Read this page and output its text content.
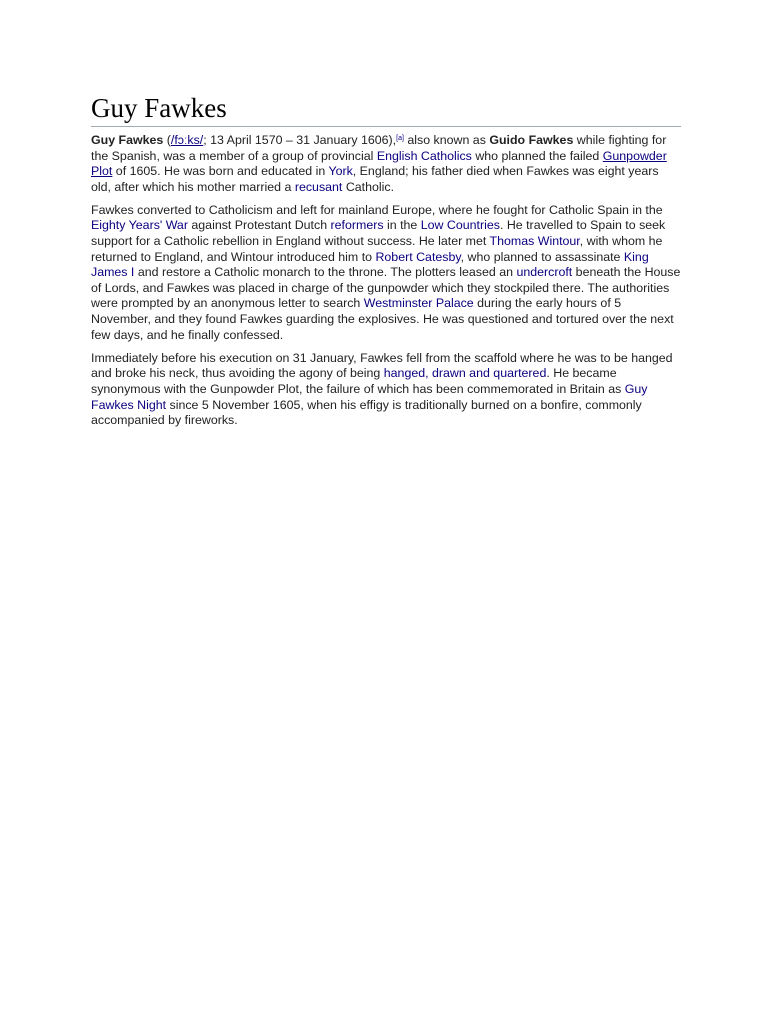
Guy Fawkes

Guy Fawkes (/fɔːks/; 13 April 1570 – 31 January 1606),[a] also known as Guido Fawkes while fighting for the Spanish, was a member of a group of provincial English Catholics who planned the failed Gunpowder Plot of 1605. He was born and educated in York, England; his father died when Fawkes was eight years old, after which his mother married a recusant Catholic.

Fawkes converted to Catholicism and left for mainland Europe, where he fought for Catholic Spain in the Eighty Years' War against Protestant Dutch reformers in the Low Countries. He travelled to Spain to seek support for a Catholic rebellion in England without success. He later met Thomas Wintour, with whom he returned to England, and Wintour introduced him to Robert Catesby, who planned to assassinate King James I and restore a Catholic monarch to the throne. The plotters leased an undercroft beneath the House of Lords, and Fawkes was placed in charge of the gunpowder which they stockpiled there. The authorities were prompted by an anonymous letter to search Westminster Palace during the early hours of 5 November, and they found Fawkes guarding the explosives. He was questioned and tortured over the next few days, and he finally confessed.

Immediately before his execution on 31 January, Fawkes fell from the scaffold where he was to be hanged and broke his neck, thus avoiding the agony of being hanged, drawn and quartered. He became synonymous with the Gunpowder Plot, the failure of which has been commemorated in Britain as Guy Fawkes Night since 5 November 1605, when his effigy is traditionally burned on a bonfire, commonly accompanied by fireworks.
